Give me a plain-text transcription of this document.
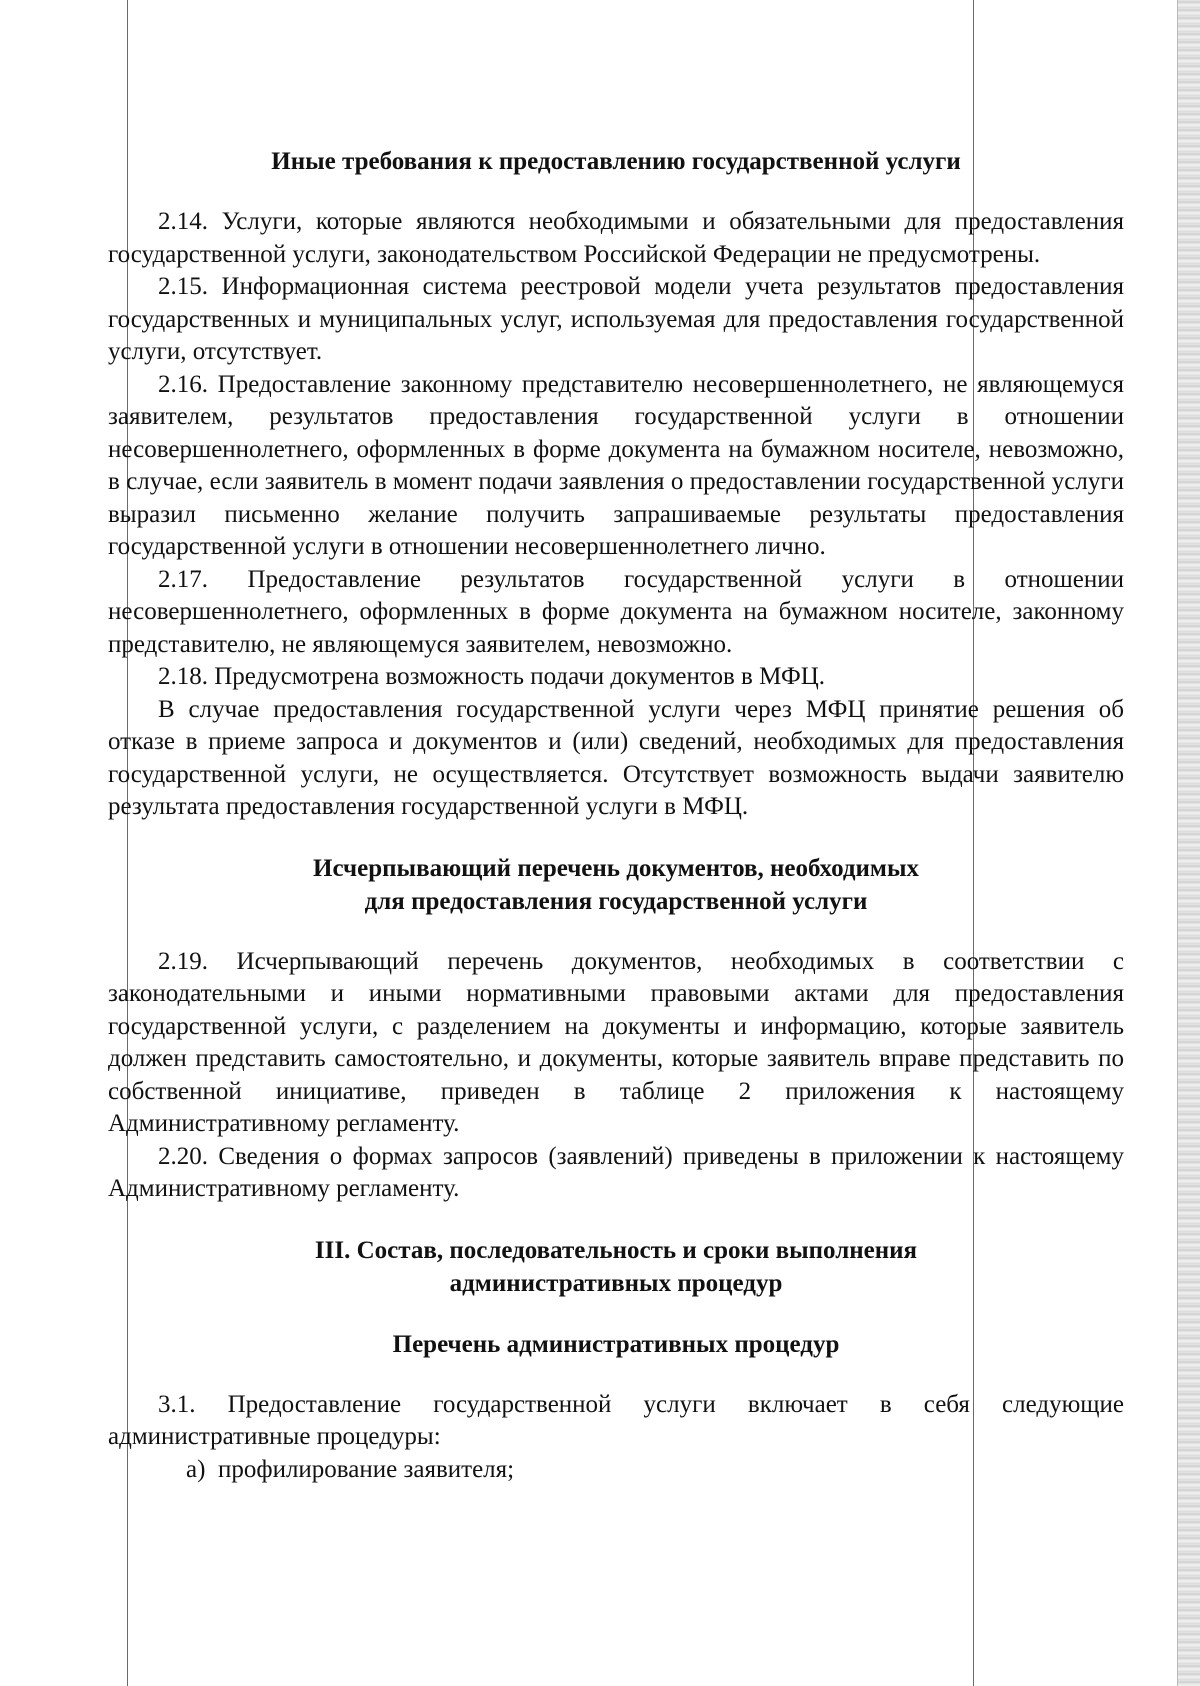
Иные требования к предоставлению государственной услуги

2.14. Услуги, которые являются необходимыми и обязательными для предоставления государственной услуги, законодательством Российской Федерации не предусмотрены.

2.15. Информационная система реестровой модели учета результатов предоставления государственных и муниципальных услуг, используемая для предоставления государственной услуги, отсутствует.

2.16. Предоставление законному представителю несовершеннолетнего, не являющемуся заявителем, результатов предоставления государственной услуги в отношении несовершеннолетнего, оформленных в форме документа на бумажном носителе, невозможно, в случае, если заявитель в момент подачи заявления о предоставлении государственной услуги выразил письменно желание получить запрашиваемые результаты предоставления государственной услуги в отношении несовершеннолетнего лично.

2.17. Предоставление результатов государственной услуги в отношении несовершеннолетнего, оформленных в форме документа на бумажном носителе, законному представителю, не являющемуся заявителем, невозможно.

2.18. Предусмотрена возможность подачи документов в МФЦ.

В случае предоставления государственной услуги через МФЦ принятие решения об отказе в приеме запроса и документов и (или) сведений, необходимых для предоставления государственной услуги, не осуществляется. Отсутствует возможность выдачи заявителю результата предоставления государственной услуги в МФЦ.

Исчерпывающий перечень документов, необходимых
для предоставления государственной услуги

2.19. Исчерпывающий перечень документов, необходимых в соответствии с законодательными и иными нормативными правовыми актами для предоставления государственной услуги, с разделением на документы и информацию, которые заявитель должен представить самостоятельно, и документы, которые заявитель вправе представить по собственной инициативе, приведен в таблице 2 приложения к настоящему Административному регламенту.

2.20. Сведения о формах запросов (заявлений) приведены в приложении к настоящему Административному регламенту.

III. Состав, последовательность и сроки выполнения
административных процедур
Перечень административных процедур

3.1. Предоставление государственной услуги включает в себя следующие административные процедуры:

а) профилирование заявителя;
